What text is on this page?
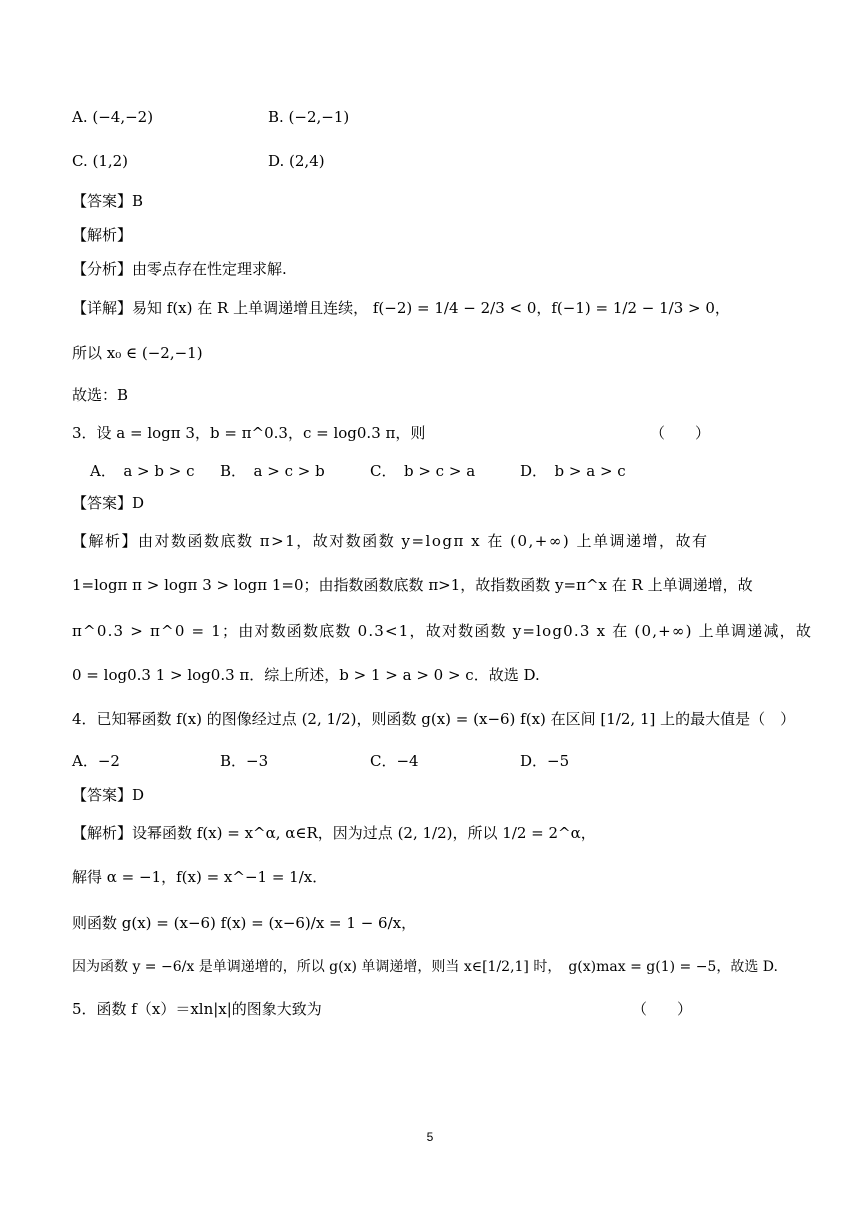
A. (−4,−2)	B. (−2,−1)
C. (1,2)	D. (2,4)
【答案】B
【解析】
【分析】由零点存在性定理求解.
【详解】易知 f(x) 在 R 上单调递增且连续， f(−2) = 1/4 − 2/3 < 0，f(−1) = 1/2 − 1/3 > 0，
所以 x₀ ∈ (−2,−1)
故选：B
3．设 a = logπ 3，b = π^0.3，c = log0.3 π，则	（　　）
A．　a > b > c B．　a > c > b	C．　b > c > a	D．　b > a > c
【答案】D
【解析】由对数函数底数 π>1，故对数函数 y=logπ x 在 (0,+∞) 上单调递增，故有
1=logπ π > logπ 3 > logπ 1=0；由指数函数底数 π>1，故指数函数 y=π^x 在 R 上单调递增，故
π^0.3 > π^0 = 1；由对数函数底数 0.3<1，故对数函数 y=log0.3 x 在 (0,+∞) 上单调递减，故
0 = log0.3 1 > log0.3 π．综上所述，b > 1 > a > 0 > c．故选 D.
4．已知幂函数 f(x) 的图像经过点 (2, 1/2)，则函数 g(x) = (x−6) f(x) 在区间 [1/2, 1] 上的最大值是（　）
A．−2	B．−3	C．−4	D．−5
【答案】D
【解析】设幂函数 f(x) = x^α, α∈R，因为过点 (2, 1/2)，所以 1/2 = 2^α，
解得 α = −1，f(x) = x^−1 = 1/x．
则函数 g(x) = (x−6) f(x) = (x−6)/x = 1 − 6/x，
因为函数 y = −6/x 是单调递增的，所以 g(x) 单调递增，则当 x∈[1/2,1] 时，　g(x)max = g(1) = −5，故选 D.
5．函数 f（x）＝xln|x|的图象大致为	（　　）
5
